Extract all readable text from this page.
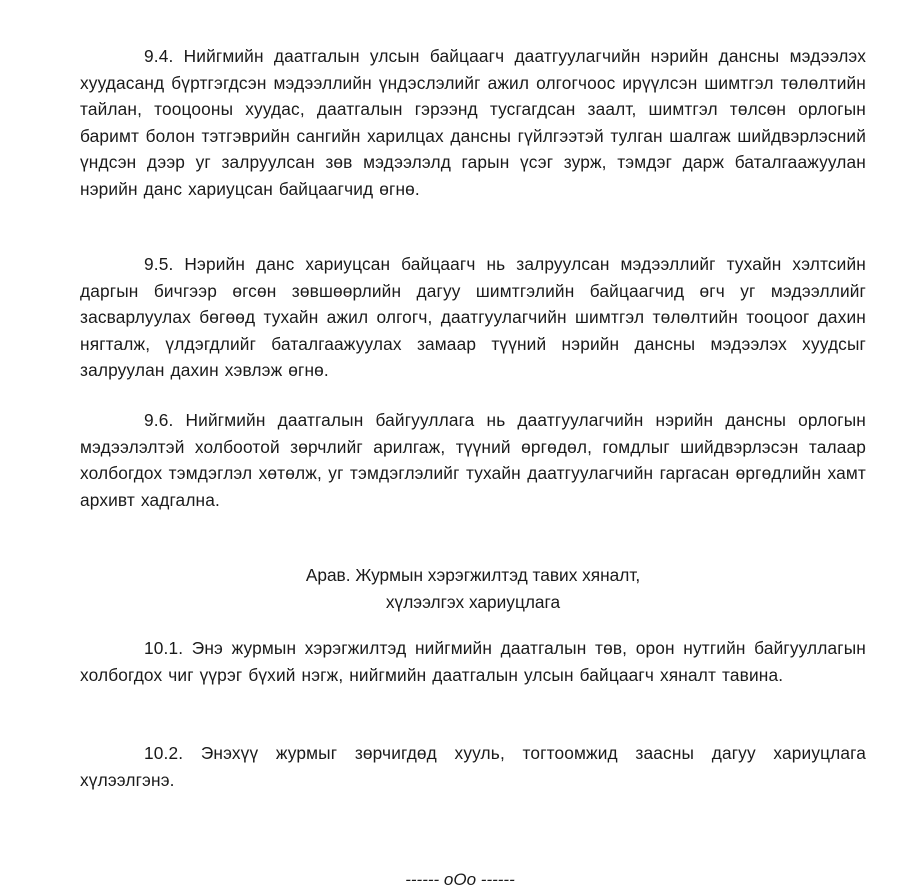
9.4. Нийгмийн даатгалын улсын байцаагч даатгуулагчийн нэрийн дансны мэдээлэх хуудасанд бүртгэгдсэн мэдээллийн үндэслэлийг ажил олгогчоос ирүүлсэн шимтгэл төлөлтийн тайлан, тооцооны хуудас, даатгалын гэрээнд тусгагдсан заалт, шимтгэл төлсөн орлогын баримт болон тэтгэврийн сангийн харилцах дансны гүйлгээтэй тулган шалгаж шийдвэрлэсний үндсэн дээр уг залруулсан зөв мэдээлэлд гарын үсэг зурж, тэмдэг дарж баталгаажуулан нэрийн данс хариуцсан байцаагчид өгнө.

9.5. Нэрийн данс хариуцсан байцаагч нь залруулсан мэдээллийг тухайн хэлтсийн даргын бичгээр өгсөн зөвшөөрлийн дагуу шимтгэлийн байцаагчид өгч уг мэдээллийг засварлуулах бөгөөд тухайн ажил олгогч, даатгуулагчийн шимтгэл төлөлтийн тооцоог дахин нягталж, үлдэгдлийг баталгаажуулах замаар түүний нэрийн дансны мэдээлэх хуудсыг залруулан дахин хэвлэж өгнө.

9.6. Нийгмийн даатгалын байгууллага нь даатгуулагчийн нэрийн дансны орлогын мэдээлэлтэй холбоотой зөрчлийг арилгаж, түүний өргөдөл, гомдлыг шийдвэрлэсэн талаар холбогдох тэмдэглэл хөтөлж, уг тэмдэглэлийг тухайн даатгуулагчийн гаргасан өргөдлийн хамт архивт хадгална.

Арав. Журмын хэрэгжилтэд тавих хяналт,
хүлээлгэх хариуцлага

10.1. Энэ журмын хэрэгжилтэд нийгмийн даатгалын төв, орон нутгийн байгууллагын холбогдох чиг үүрэг бүхий нэгж, нийгмийн даатгалын улсын байцаагч хяналт тавина.

10.2. Энэхүү журмыг зөрчигдөд хууль, тогтоомжид заасны дагуу хариуцлага хүлээлгэнэ.

------ oOo ------
